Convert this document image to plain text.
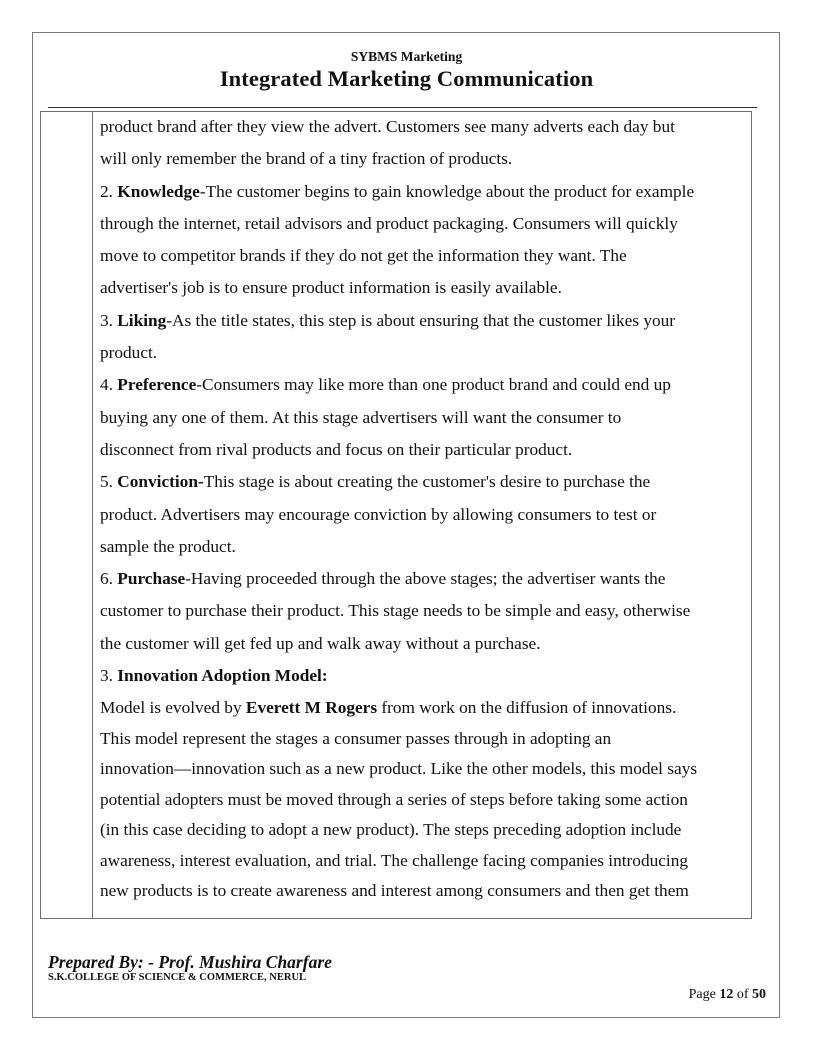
SYBMS Marketing
Integrated Marketing Communication
product brand after they view the advert. Customers see many adverts each day but
will only remember the brand of a tiny fraction of products.
2. Knowledge-The customer begins to gain knowledge about the product for example
through the internet, retail advisors and product packaging. Consumers will quickly
move to competitor brands if they do not get the information they want. The
advertiser's job is to ensure product information is easily available.
3. Liking-As the title states, this step is about ensuring that the customer likes your
product.
4. Preference-Consumers may like more than one product brand and could end up
buying any one of them. At this stage advertisers will want the consumer to
disconnect from rival products and focus on their particular product.
5. Conviction-This stage is about creating the customer's desire to purchase the
product. Advertisers may encourage conviction by allowing consumers to test or
sample the product.
6. Purchase-Having proceeded through the above stages; the advertiser wants the
customer to purchase their product. This stage needs to be simple and easy, otherwise
the customer will get fed up and walk away without a purchase.
3. Innovation Adoption Model:
Model is evolved by Everett M Rogers from work on the diffusion of innovations.
This model represent the stages a consumer passes through in adopting an
innovation—innovation such as a new product. Like the other models, this model says
potential adopters must be moved through a series of steps before taking some action
(in this case deciding to adopt a new product). The steps preceding adoption include
awareness, interest evaluation, and trial. The challenge facing companies introducing
new products is to create awareness and interest among consumers and then get them
Prepared By: - Prof. Mushira Charfare
S.K.COLLEGE OF SCIENCE & COMMERCE, NERUL
Page 12 of 50
